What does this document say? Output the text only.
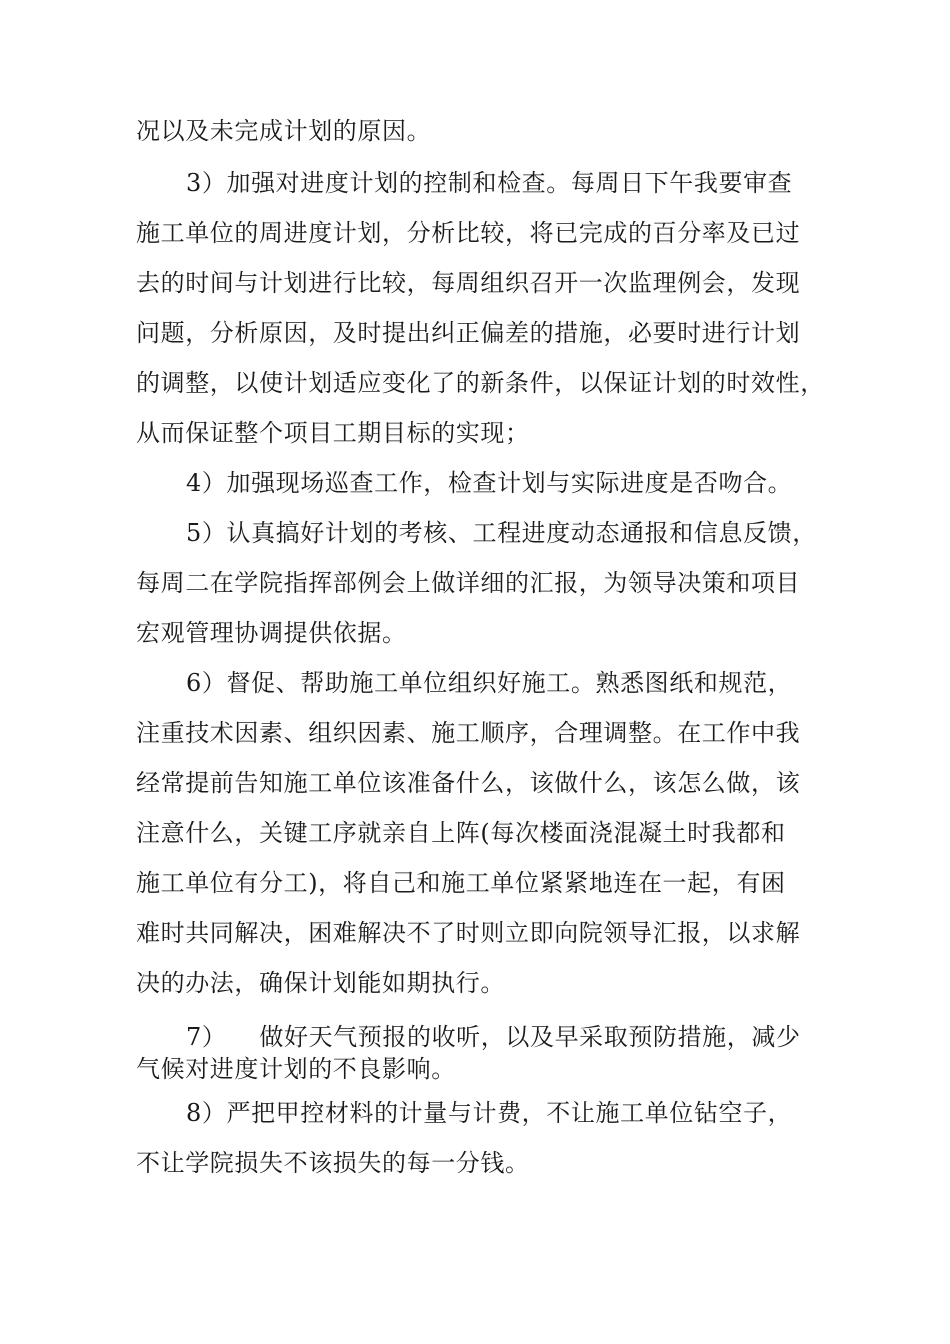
况以及未完成计划的原因。
3）加强对进度计划的控制和检查。每周日下午我要审查
施工单位的周进度计划，分析比较，将已完成的百分率及已过
去的时间与计划进行比较，每周组织召开一次监理例会，发现
问题，分析原因，及时提出纠正偏差的措施，必要时进行计划
的调整，以使计划适应变化了的新条件，以保证计划的时效性，
从而保证整个项目工期目标的实现；
4）加强现场巡查工作，检查计划与实际进度是否吻合。
5）认真搞好计划的考核、工程进度动态通报和信息反馈，
每周二在学院指挥部例会上做详细的汇报，为领导决策和项目
宏观管理协调提供依据。
6）督促、帮助施工单位组织好施工。熟悉图纸和规范，
注重技术因素、组织因素、施工顺序，合理调整。在工作中我
经常提前告知施工单位该准备什么，该做什么，该怎么做，该
注意什么，关键工序就亲自上阵(每次楼面浇混凝土时我都和
施工单位有分工)，将自己和施工单位紧紧地连在一起，有困
难时共同解决，困难解决不了时则立即向院领导汇报，以求解
决的办法，确保计划能如期执行。
7）    做好天气预报的收听，以及早采取预防措施，减少
气候对进度计划的不良影响。
8）严把甲控材料的计量与计费，不让施工单位钻空子，
不让学院损失不该损失的每一分钱。
